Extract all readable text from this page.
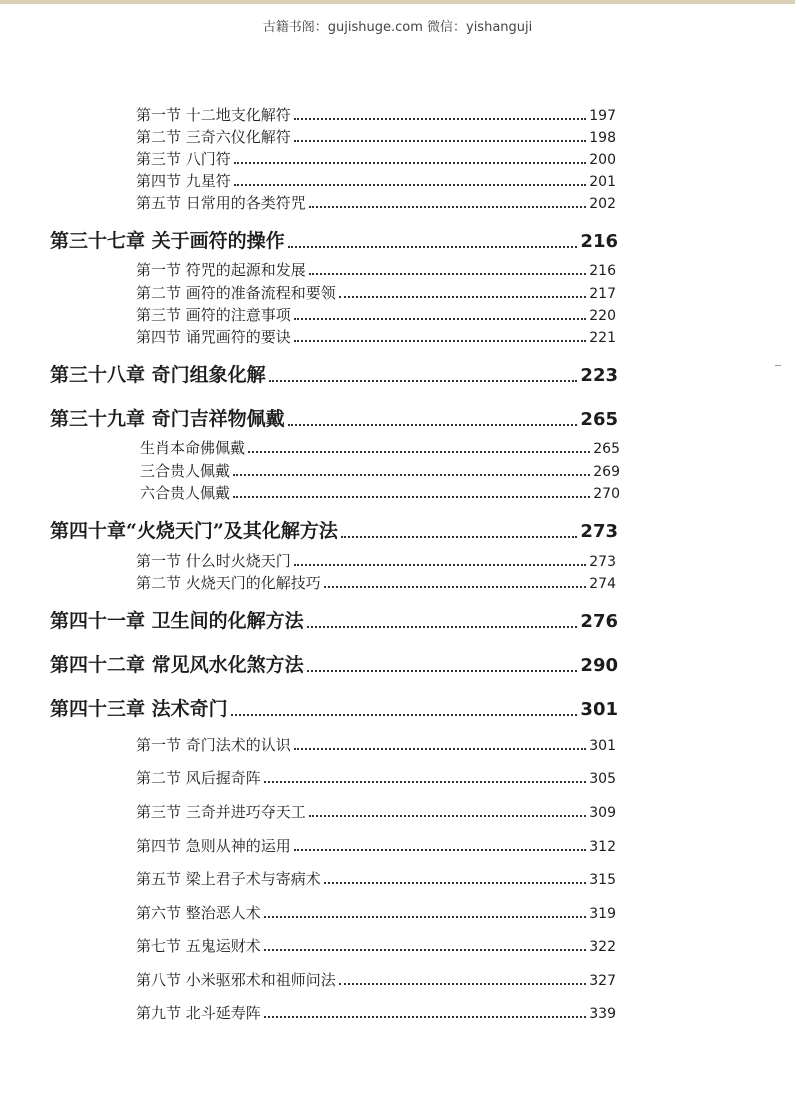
古籍书阁：gujishuge.com 微信：yishanguji
第一节 十二地支化解符	197
第二节 三奇六仪化解符	198
第三节 八门符	200
第四节 九星符	201
第五节 日常用的各类符咒	202
第三十七章 关于画符的操作	216
第一节 符咒的起源和发展	216
第二节 画符的准备流程和要领	217
第三节 画符的注意事项	220
第四节 诵咒画符的要诀	221
第三十八章 奇门组象化解	223
第三十九章 奇门吉祥物佩戴	265
生肖本命佛佩戴	265
三合贵人佩戴	269
六合贵人佩戴	270
第四十章“火烧天门”及其化解方法	273
第一节 什么时火烧天门	273
第二节 火烧天门的化解技巧	274
第四十一章 卫生间的化解方法	276
第四十二章 常见风水化煞方法	290
第四十三章 法术奇门	301
第一节 奇门法术的认识	301
第二节 风后握奇阵	305
第三节 三奇并进巧夺天工	309
第四节 急则从神的运用	312
第五节 梁上君子术与寄病术	315
第六节 整治恶人术	319
第七节 五鬼运财术	322
第八节 小米驱邪术和祖师问法	327
第九节 北斗延寿阵	339
